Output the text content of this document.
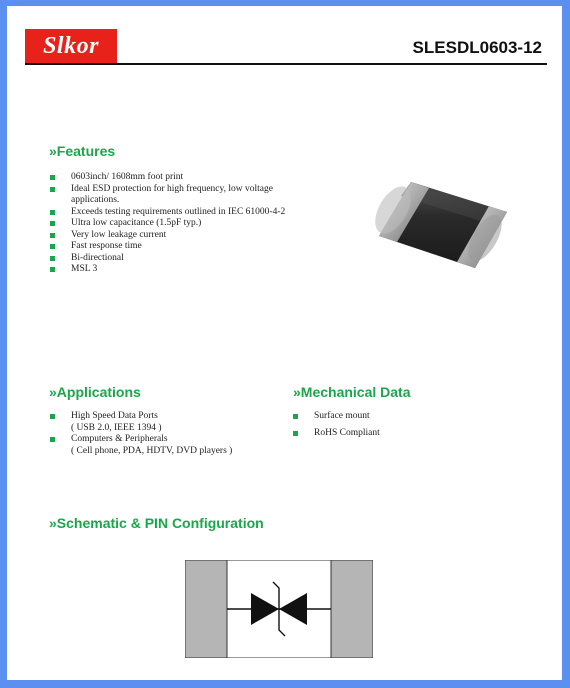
Slkor	SLESDL0603-12
»Features
0603inch/ 1608mm foot print
Ideal ESD protection for high frequency, low voltage
applications.
Exceeds testing requirements outlined in IEC 61000-4-2
Ultra low capacitance (1.5pF typ.)
Very low leakage current
Fast response time
Bi-directional
MSL 3
»Applications
High Speed Data Ports
( USB 2.0, IEEE 1394 )
Computers & Peripherals
( Cell phone, PDA, HDTV, DVD players )
»Mechanical Data
Surface mount
RoHS Compliant
»Schematic & PIN Configuration
